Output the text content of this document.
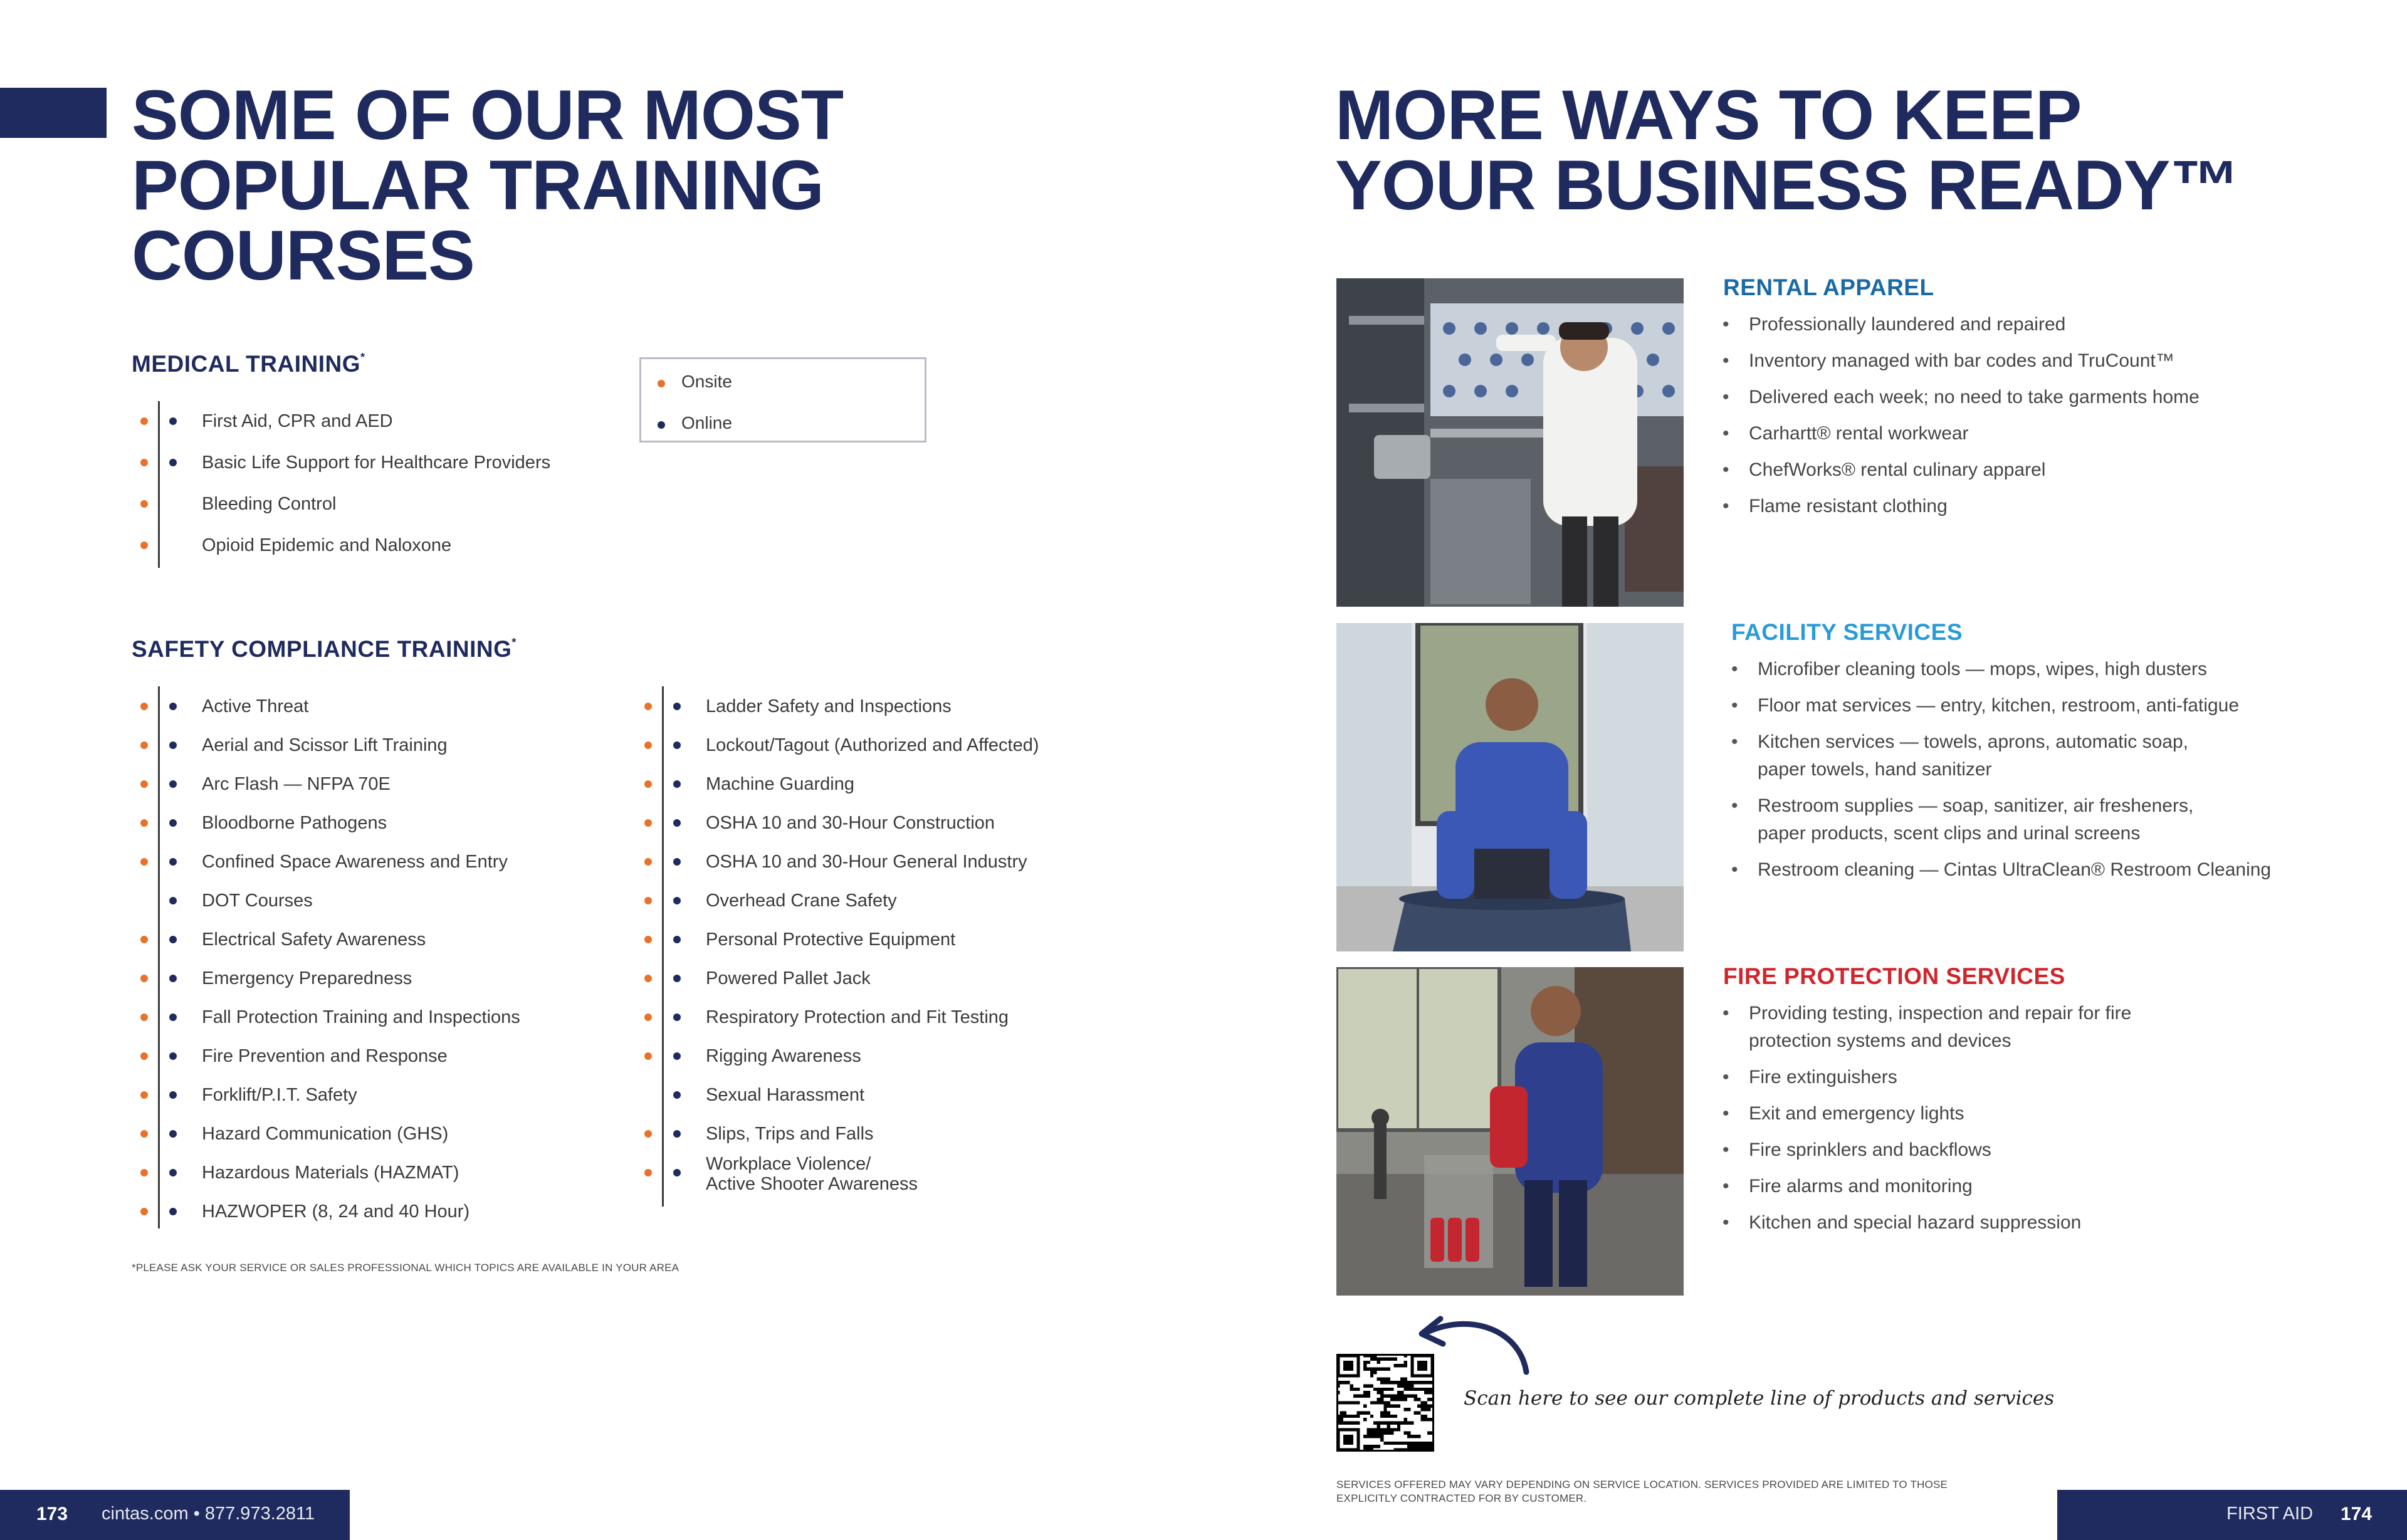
SOME OF OUR MOST
POPULAR TRAINING
COURSES
MEDICAL TRAINING*
Onsite
Online
First Aid, CPR and AED
Basic Life Support for Healthcare Providers
Bleeding Control
Opioid Epidemic and Naloxone
SAFETY COMPLIANCE TRAINING*
Active Threat
Aerial and Scissor Lift Training
Arc Flash — NFPA 70E
Bloodborne Pathogens
Confined Space Awareness and Entry
DOT Courses
Electrical Safety Awareness
Emergency Preparedness
Fall Protection Training and Inspections
Fire Prevention and Response
Forklift/P.I.T. Safety
Hazard Communication (GHS)
Hazardous Materials (HAZMAT)
HAZWOPER (8, 24 and 40 Hour)
Ladder Safety and Inspections
Lockout/Tagout (Authorized and Affected)
Machine Guarding
OSHA 10 and 30-Hour Construction
OSHA 10 and 30-Hour General Industry
Overhead Crane Safety
Personal Protective Equipment
Powered Pallet Jack
Respiratory Protection and Fit Testing
Rigging Awareness
Sexual Harassment
Slips, Trips and Falls
Workplace Violence/
Active Shooter Awareness
*PLEASE ASK YOUR SERVICE OR SALES PROFESSIONAL WHICH TOPICS ARE AVAILABLE IN YOUR AREA
MORE WAYS TO KEEP
YOUR BUSINESS READY™
RENTAL APPAREL
• Professionally laundered and repaired
• Inventory managed with bar codes and TruCount™
• Delivered each week; no need to take garments home
• Carhartt® rental workwear
• ChefWorks® rental culinary apparel
• Flame resistant clothing
FACILITY SERVICES
• Microfiber cleaning tools — mops, wipes, high dusters
• Floor mat services — entry, kitchen, restroom, anti-fatigue
• Kitchen services — towels, aprons, automatic soap,
paper towels, hand sanitizer
• Restroom supplies — soap, sanitizer, air fresheners,
paper products, scent clips and urinal screens
• Restroom cleaning — Cintas UltraClean® Restroom Cleaning
FIRE PROTECTION SERVICES
• Providing testing, inspection and repair for fire
protection systems and devices
• Fire extinguishers
• Exit and emergency lights
• Fire sprinklers and backflows
• Fire alarms and monitoring
• Kitchen and special hazard suppression
Scan here to see our complete line of products and services
SERVICES OFFERED MAY VARY DEPENDING ON SERVICE LOCATION. SERVICES PROVIDED ARE LIMITED TO THOSE
EXPLICITLY CONTRACTED FOR BY CUSTOMER.
173 cintas.com • 877.973.2811	FIRST AID 174
